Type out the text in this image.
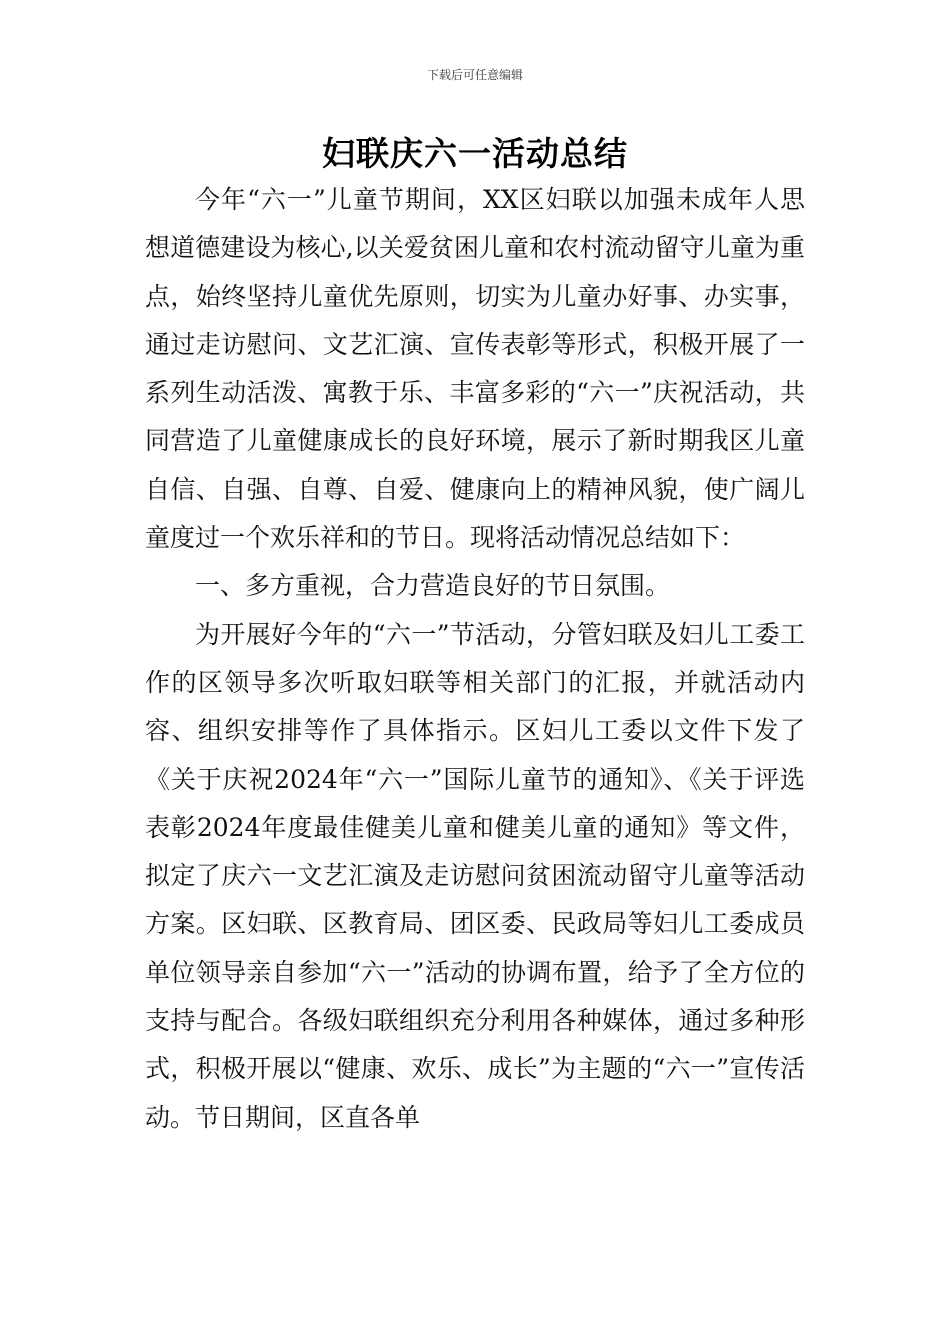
下载后可任意编辑
妇联庆六一活动总结

今年“六一”儿童节期间，XX区妇联以加强未成年人思想道德建设为核心,以关爱贫困儿童和农村流动留守儿童为重点，始终坚持儿童优先原则，切实为儿童办好事、办实事，通过走访慰问、文艺汇演、宣传表彰等形式，积极开展了一系列生动活泼、寓教于乐、丰富多彩的“六一”庆祝活动，共同营造了儿童健康成长的良好环境，展示了新时期我区儿童自信、自强、自尊、自爱、健康向上的精神风貌，使广阔儿童度过一个欢乐祥和的节日。现将活动情况总结如下：

一、多方重视，合力营造良好的节日氛围。

为开展好今年的“六一”节活动，分管妇联及妇儿工委工作的区领导多次听取妇联等相关部门的汇报，并就活动内容、组织安排等作了具体指示。区妇儿工委以文件下发了《关于庆祝2024年“六一”国际儿童节的通知》、《关于评选表彰2024年度最佳健美儿童和健美儿童的通知》等文件，拟定了庆六一文艺汇演及走访慰问贫困流动留守儿童等活动方案。区妇联、区教育局、团区委、民政局等妇儿工委成员单位领导亲自参加“六一”活动的协调布置，给予了全方位的支持与配合。各级妇联组织充分利用各种媒体，通过多种形式，积极开展以“健康、欢乐、成长”为主题的“六一”宣传活动。节日期间，区直各单
